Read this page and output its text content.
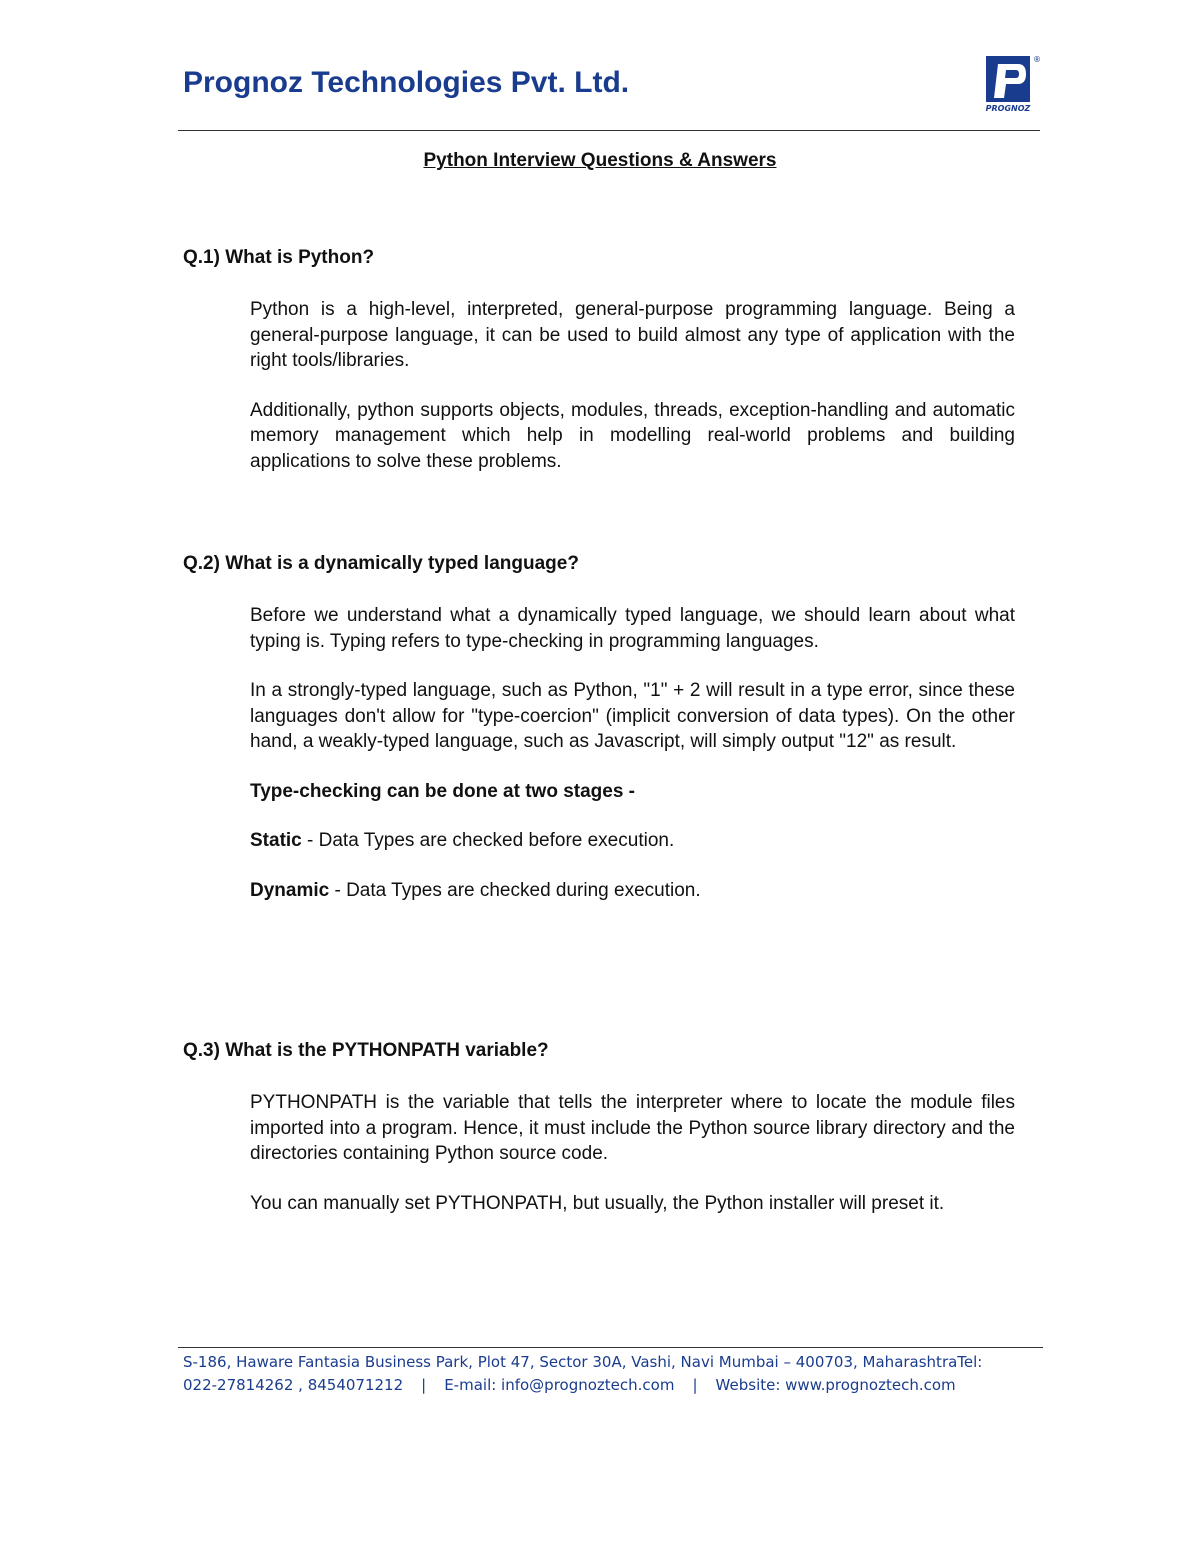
Prognoz Technologies Pvt. Ltd.
®
PROGNOZ
Python Interview Questions & Answers

Q.1) What is Python?

Python is a high-level, interpreted, general-purpose programming language. Being a general-purpose language, it can be used to build almost any type of application with the right tools/libraries.

Additionally, python supports objects, modules, threads, exception-handling and automatic memory management which help in modelling real-world problems and building applications to solve these problems.

Q.2) What is a dynamically typed language?

Before we understand what a dynamically typed language, we should learn about what typing is. Typing refers to type-checking in programming languages.

In a strongly-typed language, such as Python, "1" + 2 will result in a type error, since these languages don't allow for "type-coercion" (implicit conversion of data types). On the other hand, a weakly-typed language, such as Javascript, will simply output "12" as result.

Type-checking can be done at two stages -

Static - Data Types are checked before execution.

Dynamic - Data Types are checked during execution.

Q.3) What is the PYTHONPATH variable?

PYTHONPATH is the variable that tells the interpreter where to locate the module files imported into a program. Hence, it must include the Python source library directory and the directories containing Python source code.

You can manually set PYTHONPATH, but usually, the Python installer will preset it.

S-186, Haware Fantasia Business Park, Plot 47, Sector 30A, Vashi, Navi Mumbai – 400703, MaharashtraTel:
022-27814262 , 8454071212 | E-mail: info@prognoztech.com | Website: www.prognoztech.com
